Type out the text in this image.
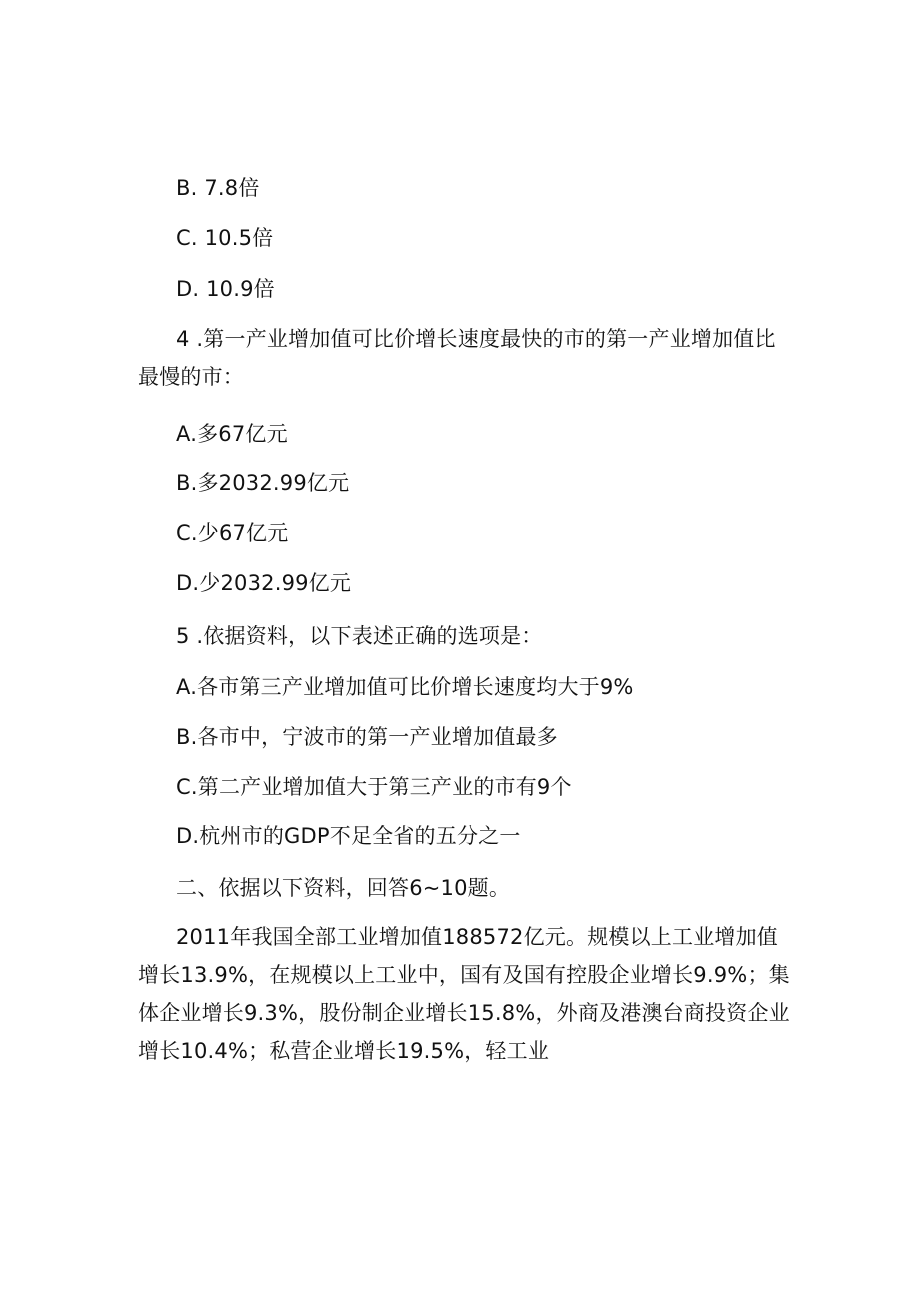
B. 7.8倍
C. 10.5倍
D. 10.9倍
4 .第一产业增加值可比价增长速度最快的市的第一产业增加值比最慢的市：
A.多67亿元
B.多2032.99亿元
C.少67亿元
D.少2032.99亿元
5 .依据资料，以下表述正确的选项是：
A.各市第三产业增加值可比价增长速度均大于9%
B.各市中，宁波市的第一产业增加值最多
C.第二产业增加值大于第三产业的市有9个
D.杭州市的GDP不足全省的五分之一
二、依据以下资料，回答6~10题。
2011年我国全部工业增加值188572亿元。规模以上工业增加值增长13.9%，在规模以上工业中，国有及国有控股企业增长9.9%；集体企业增长9.3%，股份制企业增长15.8%，外商及港澳台商投资企业增长10.4%；私营企业增长19.5%，轻工业
